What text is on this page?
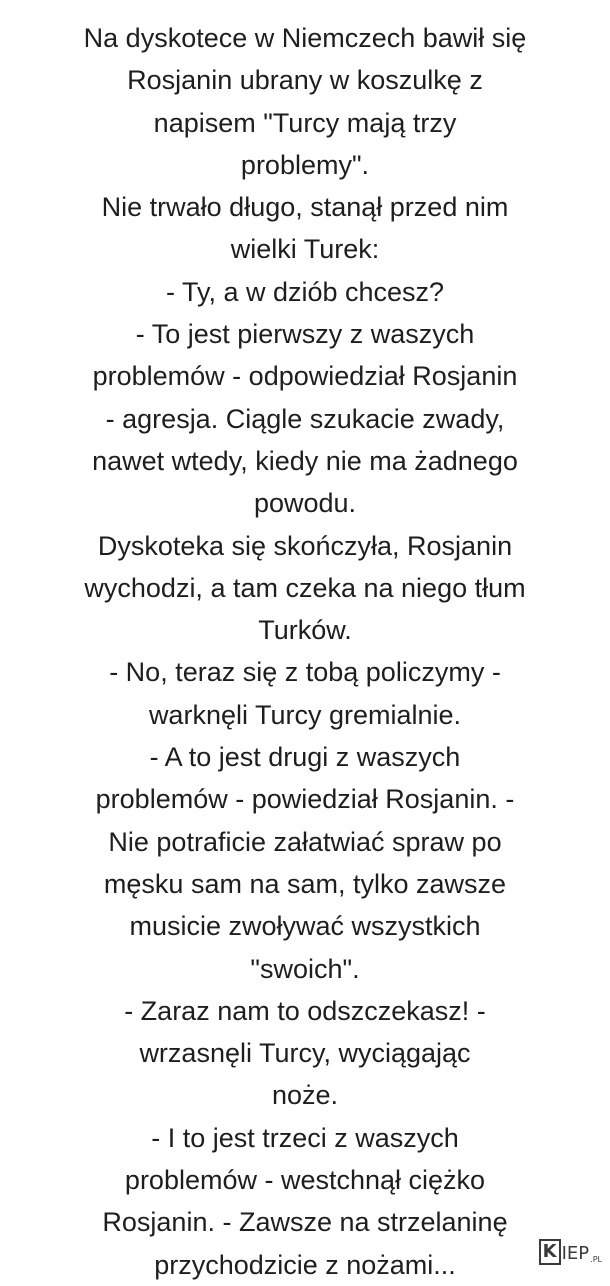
Na dyskotece w Niemczech bawił się
Rosjanin ubrany w koszulkę z
napisem "Turcy mają trzy
problemy".
Nie trwało długo, stanął przed nim
wielki Turek:
- Ty, a w dziób chcesz?
- To jest pierwszy z waszych
problemów - odpowiedział Rosjanin
- agresja. Ciągle szukacie zwady,
nawet wtedy, kiedy nie ma żadnego
powodu.
Dyskoteka się skończyła, Rosjanin
wychodzi, a tam czeka na niego tłum
Turków.
- No, teraz się z tobą policzymy -
warknęli Turcy gremialnie.
- A to jest drugi z waszych
problemów - powiedział Rosjanin. -
Nie potraficie załatwiać spraw po
męsku sam na sam, tylko zawsze
musicie zwoływać wszystkich
"swoich".
- Zaraz nam to odszczekasz! -
wrzasnęli Turcy, wyciągając
noże.
- I to jest trzeci z waszych
problemów - westchnął ciężko
Rosjanin. - Zawsze na strzelaninę
przychodzicie z nożami...	K IEP .PL
